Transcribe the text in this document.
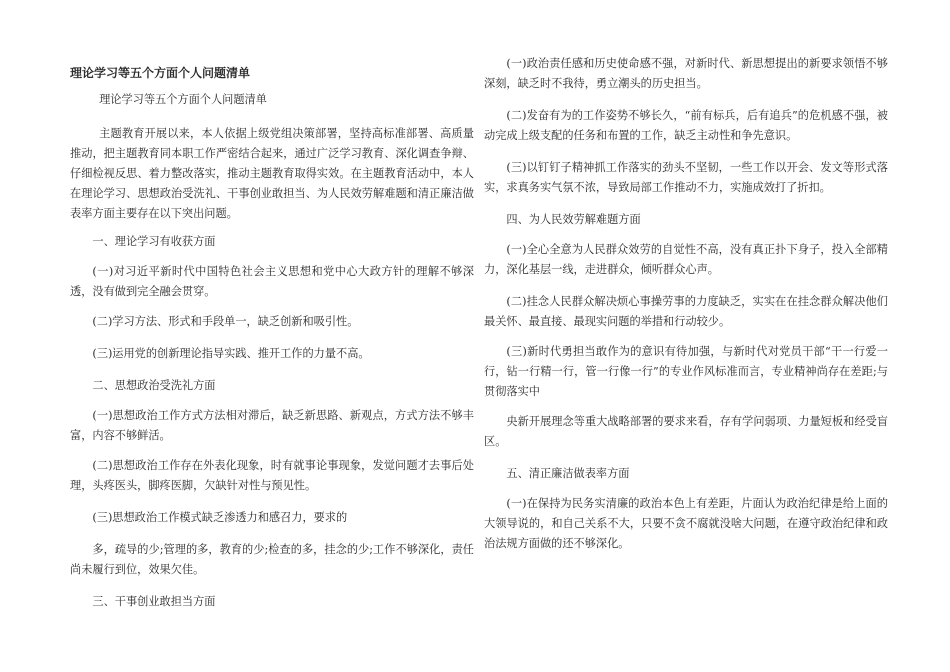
理论学习等五个方面个人问题清单

理论学习等五个方面个人问题清单

主题教育开展以来，本人依据上级党组决策部署，坚持高标准部署、高质量推动，把主题教育同本职工作严密结合起来，通过广泛学习教育、深化调查争辩、仔细检视反思、着力整改落实，推动主题教育取得实效。在主题教育活动中，本人在理论学习、思想政治受洗礼、干事创业敢担当、为人民效劳解难题和清正廉洁做表率方面主要存在以下突出问题。

一、理论学习有收获方面

(一)对习近平新时代中国特色社会主义思想和党中心大政方针的理解不够深透，没有做到完全融会贯穿。

(二)学习方法、形式和手段单一，缺乏创新和吸引性。

(三)运用党的创新理论指导实践、推开工作的力量不高。

二、思想政治受洗礼方面

(一)思想政治工作方式方法相对滞后，缺乏新思路、新观点，方式方法不够丰富，内容不够鲜活。

(二)思想政治工作存在外表化现象，时有就事论事现象，发觉问题才去事后处理，头疼医头，脚疼医脚，欠缺针对性与预见性。

(三)思想政治工作模式缺乏渗透力和感召力，要求的

多，疏导的少;管理的多，教育的少;检查的多，挂念的少;工作不够深化，责任尚未履行到位，效果欠佳。

三、干事创业敢担当方面

(一)政治责任感和历史使命感不强，对新时代、新思想提出的新要求领悟不够深刻，缺乏时不我待，勇立潮头的历史担当。

(二)发奋有为的工作姿势不够长久，“前有标兵，后有追兵”的危机感不强，被动完成上级支配的任务和布置的工作，缺乏主动性和争先意识。

(三)以钉钉子精神抓工作落实的劲头不坚韧，一些工作以开会、发文等形式落实，求真务实气氛不浓，导致局部工作推动不力，实施成效打了折扣。

四、为人民效劳解难题方面

(一)全心全意为人民群众效劳的自觉性不高，没有真正扑下身子，投入全部精力，深化基层一线，走进群众，倾听群众心声。

(二)挂念人民群众解决烦心事操劳事的力度缺乏，实实在在挂念群众解决他们最关怀、最直接、最现实问题的举措和行动较少。

(三)新时代勇担当敢作为的意识有待加强，与新时代对党员干部“干一行爱一行，钻一行精一行，管一行像一行”的专业作风标准而言，专业精神尚存在差距;与贯彻落实中

央新开展理念等重大战略部署的要求来看，存有学问弱项、力量短板和经受盲区。

五、清正廉洁做表率方面

(一)在保持为民务实清廉的政治本色上有差距，片面认为政治纪律是给上面的大领导说的，和自己关系不大，只要不贪不腐就没啥大问题，在遵守政治纪律和政治法规方面做的还不够深化。
